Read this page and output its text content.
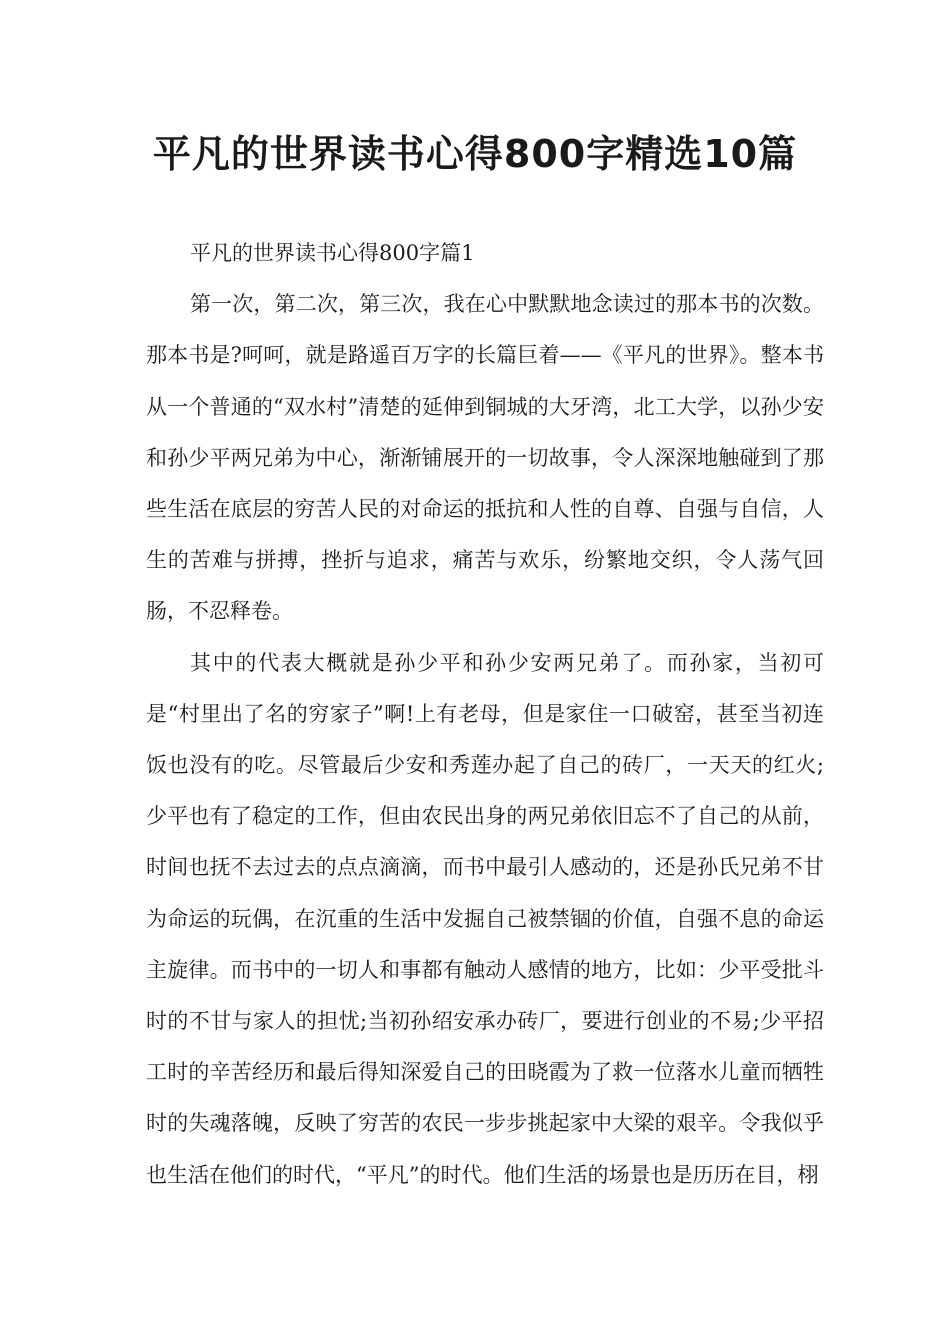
平凡的世界读书心得800字精选10篇

平凡的世界读书心得800字篇1

第一次，第二次，第三次，我在心中默默地念读过的那本书的次数。那本书是?呵呵，就是路遥百万字的长篇巨着——《平凡的世界》。整本书从一个普通的“双水村”清楚的延伸到铜城的大牙湾，北工大学，以孙少安和孙少平两兄弟为中心，渐渐铺展开的一切故事，令人深深地触碰到了那些生活在底层的穷苦人民的对命运的抵抗和人性的自尊、自强与自信，人生的苦难与拼搏，挫折与追求，痛苦与欢乐，纷繁地交织，令人荡气回肠，不忍释卷。

其中的代表大概就是孙少平和孙少安两兄弟了。而孙家，当初可是“村里出了名的穷家子”啊!上有老母，但是家住一口破窑，甚至当初连饭也没有的吃。尽管最后少安和秀莲办起了自己的砖厂，一天天的红火;少平也有了稳定的工作，但由农民出身的两兄弟依旧忘不了自己的从前，时间也抚不去过去的点点滴滴，而书中最引人感动的，还是孙氏兄弟不甘为命运的玩偶，在沉重的生活中发掘自己被禁锢的价值，自强不息的命运主旋律。而书中的一切人和事都有触动人感情的地方，比如：少平受批斗时的不甘与家人的担忧;当初孙绍安承办砖厂，要进行创业的不易;少平招工时的辛苦经历和最后得知深爱自己的田晓霞为了救一位落水儿童而牺牲时的失魂落魄，反映了穷苦的农民一步步挑起家中大梁的艰辛。令我似乎也生活在他们的时代，“平凡”的时代。他们生活的场景也是历历在目，栩
